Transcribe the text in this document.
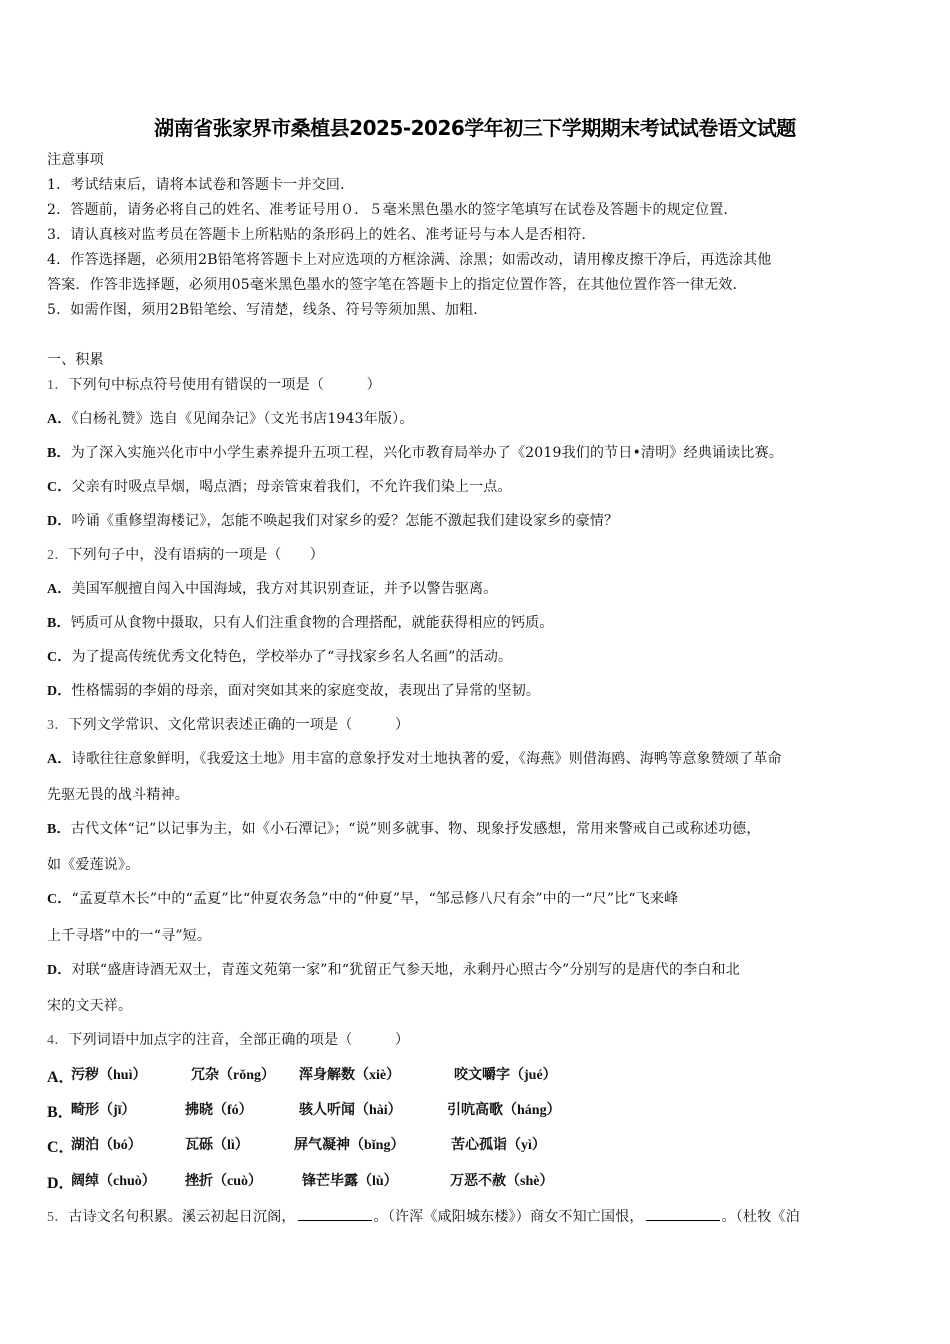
湖南省张家界市桑植县2025-2026学年初三下学期期末考试试卷语文试题
注意事项
1．考试结束后，请将本试卷和答题卡一并交回．
2．答题前，请务必将自己的姓名、准考证号用０．５毫米黑色墨水的签字笔填写在试卷及答题卡的规定位置．
3．请认真核对监考员在答题卡上所粘贴的条形码上的姓名、准考证号与本人是否相符．
4．作答选择题，必须用2B铅笔将答题卡上对应选项的方框涂满、涂黑；如需改动，请用橡皮擦干净后，再选涂其他
答案．作答非选择题，必须用05毫米黑色墨水的签字笔在答题卡上的指定位置作答，在其他位置作答一律无效．
5．如需作图，须用2B铅笔绘、写清楚，线条、符号等须加黑、加粗．
一、积累
1．下列句中标点符号使用有错误的一项是（　　　）
A．《白杨礼赞》选自《见闻杂记》（文光书店1943年版）。
B．为了深入实施兴化市中小学生素养提升五项工程，兴化市教育局举办了《2019我们的节日•清明》经典诵读比赛。
C．父亲有时吸点旱烟，喝点酒；母亲管束着我们，不允许我们染上一点。
D．吟诵《重修望海楼记》，怎能不唤起我们对家乡的爱？怎能不激起我们建设家乡的豪情？
2．下列句子中，没有语病的一项是（　　）
A．美国军舰擅自闯入中国海域，我方对其识别查证，并予以警告驱离。
B．钙质可从食物中摄取，只有人们注重食物的合理搭配，就能获得相应的钙质。
C．为了提高传统优秀文化特色，学校举办了“寻找家乡名人名画”的活动。
D．性格懦弱的李娟的母亲，面对突如其来的家庭变故，表现出了异常的坚韧。
3．下列文学常识、文化常识表述正确的一项是（　　　）
A．诗歌往往意象鲜明，《我爱这土地》用丰富的意象抒发对土地执著的爱，《海燕》则借海鸥、海鸭等意象赞颂了革命
先驱无畏的战斗精神。
B．古代文体“记”以记事为主，如《小石潭记》；“说”则多就事、物、现象抒发感想，常用来警戒自己或称述功德，
如《爱莲说》。
C．“孟夏草木长”中的“孟夏”比“仲夏农务急”中的“仲夏”早，“邹忌修八尺有余”中的一“尺”比“飞来峰
上千寻塔”中的一“寻”短。
D．对联“盛唐诗酒无双士，青莲文苑第一家”和“犹留正气参天地，永剩丹心照古今”分别写的是唐代的李白和北
宋的文天祥。
4．下列词语中加点字的注音，全部正确的项是（　　　）
A．
污秽（huì）	冗杂（rǒng） 浑身解数（xiè）	咬文嚼字（jué）
B．
畸形（jī）	拂晓（fó）	骇人听闻（hài）	引吭高歌（háng）
C．
湖泊（bó）	瓦砾（lì）	屏气凝神（bǐng）	苦心孤诣（yì）
D．
阔绰（chuò） 挫折（cuò）	锋芒毕露（lù）	万恶不赦（shè）
5．古诗文名句积累。溪云初起日沉阁，	。（许浑《咸阳城东楼》）商女不知亡国恨，	。（杜牧《泊
